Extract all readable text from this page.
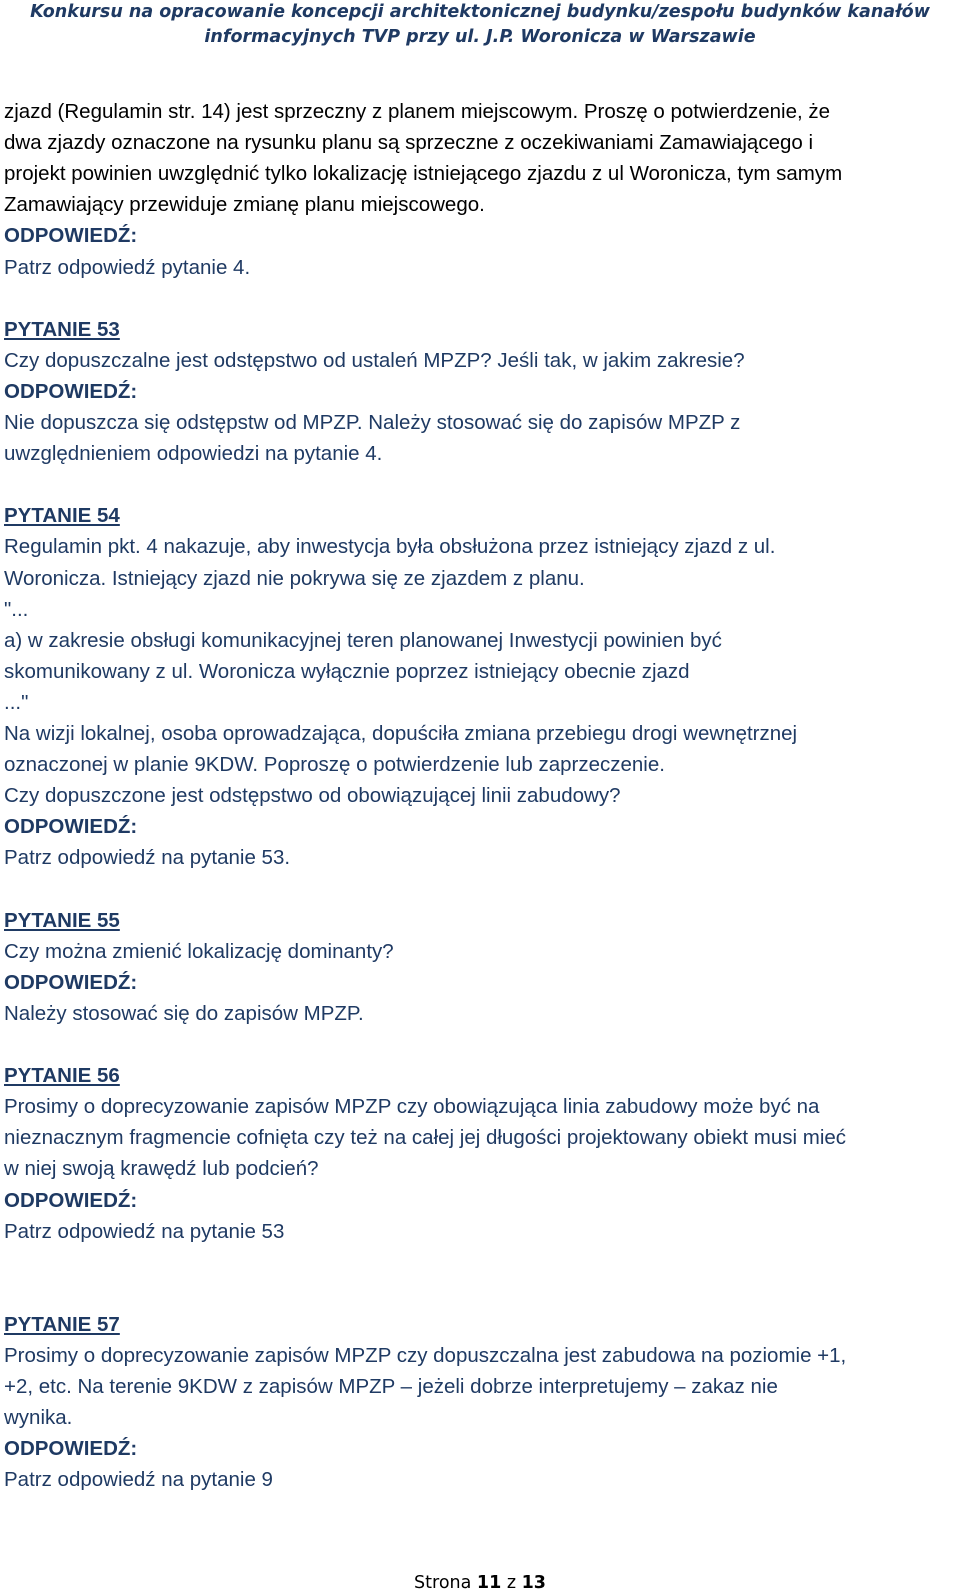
Konkursu na opracowanie koncepcji architektonicznej budynku/zespołu budynków kanałów
informacyjnych TVP przy ul. J.P. Woronicza w Warszawie
zjazd (Regulamin str. 14) jest sprzeczny z planem miejscowym. Proszę o potwierdzenie, że
dwa zjazdy oznaczone na rysunku planu są sprzeczne z oczekiwaniami Zamawiającego i
projekt powinien uwzględnić tylko lokalizację istniejącego zjazdu z ul Woronicza, tym samym
Zamawiający przewiduje zmianę planu miejscowego.
ODPOWIEDŹ:
Patrz odpowiedź pytanie 4.
PYTANIE 53
Czy dopuszczalne jest odstępstwo od ustaleń MPZP? Jeśli tak, w jakim zakresie?
ODPOWIEDŹ:
Nie dopuszcza się odstępstw od MPZP. Należy stosować się do zapisów MPZP z
uwzględnieniem odpowiedzi na pytanie 4.
PYTANIE 54
Regulamin pkt. 4 nakazuje, aby inwestycja była obsłużona przez istniejący zjazd z ul.
Woronicza. Istniejący zjazd nie pokrywa się ze zjazdem z planu.
"...
a) w zakresie obsługi komunikacyjnej teren planowanej Inwestycji powinien być
skomunikowany z ul. Woronicza wyłącznie poprzez istniejący obecnie zjazd
..."
Na wizji lokalnej, osoba oprowadzająca, dopuściła zmiana przebiegu drogi wewnętrznej
oznaczonej w planie 9KDW. Poproszę o potwierdzenie lub zaprzeczenie.
Czy dopuszczone jest odstępstwo od obowiązującej linii zabudowy?
ODPOWIEDŹ:
Patrz odpowiedź na pytanie 53.
PYTANIE 55
Czy można zmienić lokalizację dominanty?
ODPOWIEDŹ:
Należy stosować się do zapisów MPZP.
PYTANIE 56
Prosimy o doprecyzowanie zapisów MPZP czy obowiązująca linia zabudowy może być na
nieznacznym fragmencie cofnięta czy też na całej jej długości projektowany obiekt musi mieć
w niej swoją krawędź lub podcień?
ODPOWIEDŹ:
Patrz odpowiedź na pytanie 53
PYTANIE 57
Prosimy o doprecyzowanie zapisów MPZP czy dopuszczalna jest zabudowa na poziomie +1,
+2, etc. Na terenie 9KDW z zapisów MPZP – jeżeli dobrze interpretujemy – zakaz nie
wynika.
ODPOWIEDŹ:
Patrz odpowiedź na pytanie 9
Strona 11 z 13
